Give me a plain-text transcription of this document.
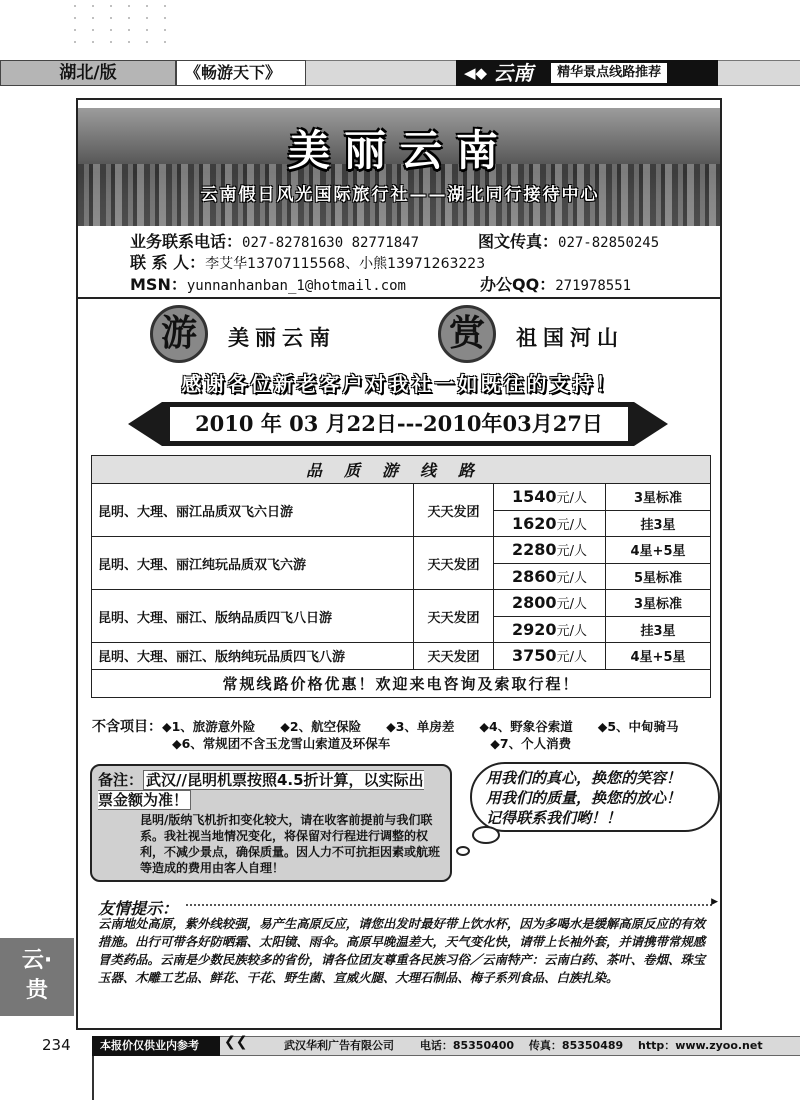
湖北/版	《畅游天下》	◀◆ 云南	精华景点线路推荐
美丽云南
云南假日风光国际旅行社——湖北同行接待中心
业务联系电话：027-82781630 82771847	图文传真：027-82850245
联 系 人：李艾华13707115568、小熊13971263223
MSN：yunnanhanban_1@hotmail.com	办公QQ：271978551
游	美丽云南	赏	祖国河山
感谢各位新老客户对我社一如既往的支持！
2010 年 03 月22日---2010年03月27日
品质游线路			
昆明、大理、丽江品质双飞六日游	天天发团	1540元/人	3星标准
		1620元/人	挂3星
昆明、大理、丽江纯玩品质双飞六游	天天发团	2280元/人	4星+5星
		2860元/人	5星标准
昆明、大理、丽江、版纳品质四飞八日游	天天发团	2800元/人	3星标准
		2920元/人	挂3星
昆明、大理、丽江、版纳纯玩品质四飞八游	天天发团	3750元/人	4星+5星
常规线路价格优惠！欢迎来电咨询及索取行程！			
不含项目：◆1、旅游意外险　　◆2、航空保险　　◆3、单房差　　◆4、野象谷索道　　◆5、中甸骑马
◆6、常规团不含玉龙雪山索道及环保车　　　　　　　　◆7、个人消费
备注： 武汉//昆明机票按照4.5折计算，以实际出票金额为准！
昆明/版纳飞机折扣变化较大，请在收客前提前与我们联系。我社视当地情况变化，将保留对行程进行调整的权利，不减少景点，确保质量。因人力不可抗拒因素或航班等造成的费用由客人自理！
用我们的真心，换您的笑容！
用我们的质量，换您的放心！
记得联系我们哟！！
友情提示：
▶
云南地处高原，紫外线较强，易产生高原反应，请您出发时最好带上饮水杯，因为多喝水是缓解高原反应的有效措施。出行可带各好防晒霜、太阳镜、雨伞。高原早晚温差大，天气变化快，请带上长袖外套，并请携带常规感冒类药品。云南是少数民族较多的省份，请各位团友尊重各民族习俗／云南特产：云南白药、茶叶、卷烟、珠宝玉器、木雕工艺品、鲜花、干花、野生菌、宣威火腿、大理石制品、梅子系列食品、白族扎染。
云·
贵
234	本报价仅供业内参考	❮❮	武汉华利广告有限公司　　 电话：85350400　 传真：85350489　 http：www.zyoo.net
